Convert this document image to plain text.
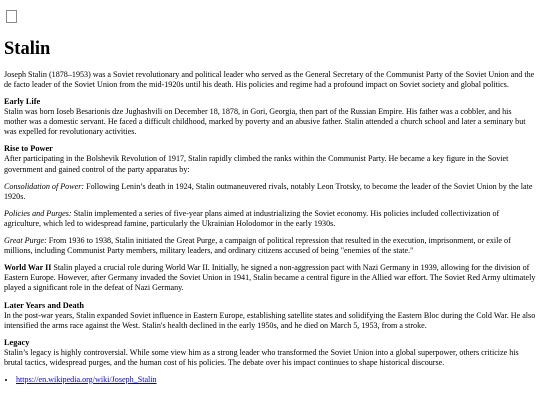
Stalin

Joseph Stalin (1878–1953) was a Soviet revolutionary and political leader who served as the General Secretary of the Communist Party of the Soviet Union and the de facto leader of the Soviet Union from the mid-1920s until his death. His policies and regime had a profound impact on Soviet society and global politics.

Early Life

Stalin was born Ioseb Besarionis dze Jughashvili on December 18, 1878, in Gori, Georgia, then part of the Russian Empire. His father was a cobbler, and his mother was a domestic servant. He faced a difficult childhood, marked by poverty and an abusive father. Stalin attended a church school and later a seminary but was expelled for revolutionary activities.

Rise to Power

After participating in the Bolshevik Revolution of 1917, Stalin rapidly climbed the ranks within the Communist Party. He became a key figure in the Soviet government and gained control of the party apparatus by:

Consolidation of Power: Following Lenin’s death in 1924, Stalin outmaneuvered rivals, notably Leon Trotsky, to become the leader of the Soviet Union by the late 1920s.

Policies and Purges: Stalin implemented a series of five-year plans aimed at industrializing the Soviet economy. His policies included collectivization of agriculture, which led to widespread famine, particularly the Ukrainian Holodomor in the early 1930s.

Great Purge: From 1936 to 1938, Stalin initiated the Great Purge, a campaign of political repression that resulted in the execution, imprisonment, or exile of millions, including Communist Party members, military leaders, and ordinary citizens accused of being "enemies of the state."

World War II Stalin played a crucial role during World War II. Initially, he signed a non-aggression pact with Nazi Germany in 1939, allowing for the division of Eastern Europe. However, after Germany invaded the Soviet Union in 1941, Stalin became a central figure in the Allied war effort. The Soviet Red Army ultimately played a significant role in the defeat of Nazi Germany.

Later Years and Death

In the post-war years, Stalin expanded Soviet influence in Eastern Europe, establishing satellite states and solidifying the Eastern Bloc during the Cold War. He also intensified the arms race against the West. Stalin's health declined in the early 1950s, and he died on March 5, 1953, from a stroke.

Legacy

Stalin’s legacy is highly controversial. While some view him as a strong leader who transformed the Soviet Union into a global superpower, others criticize his brutal tactics, widespread purges, and the human cost of his policies. The debate over his impact continues to shape historical discourse.

• https://en.wikipedia.org/wiki/Joseph_Stalin
